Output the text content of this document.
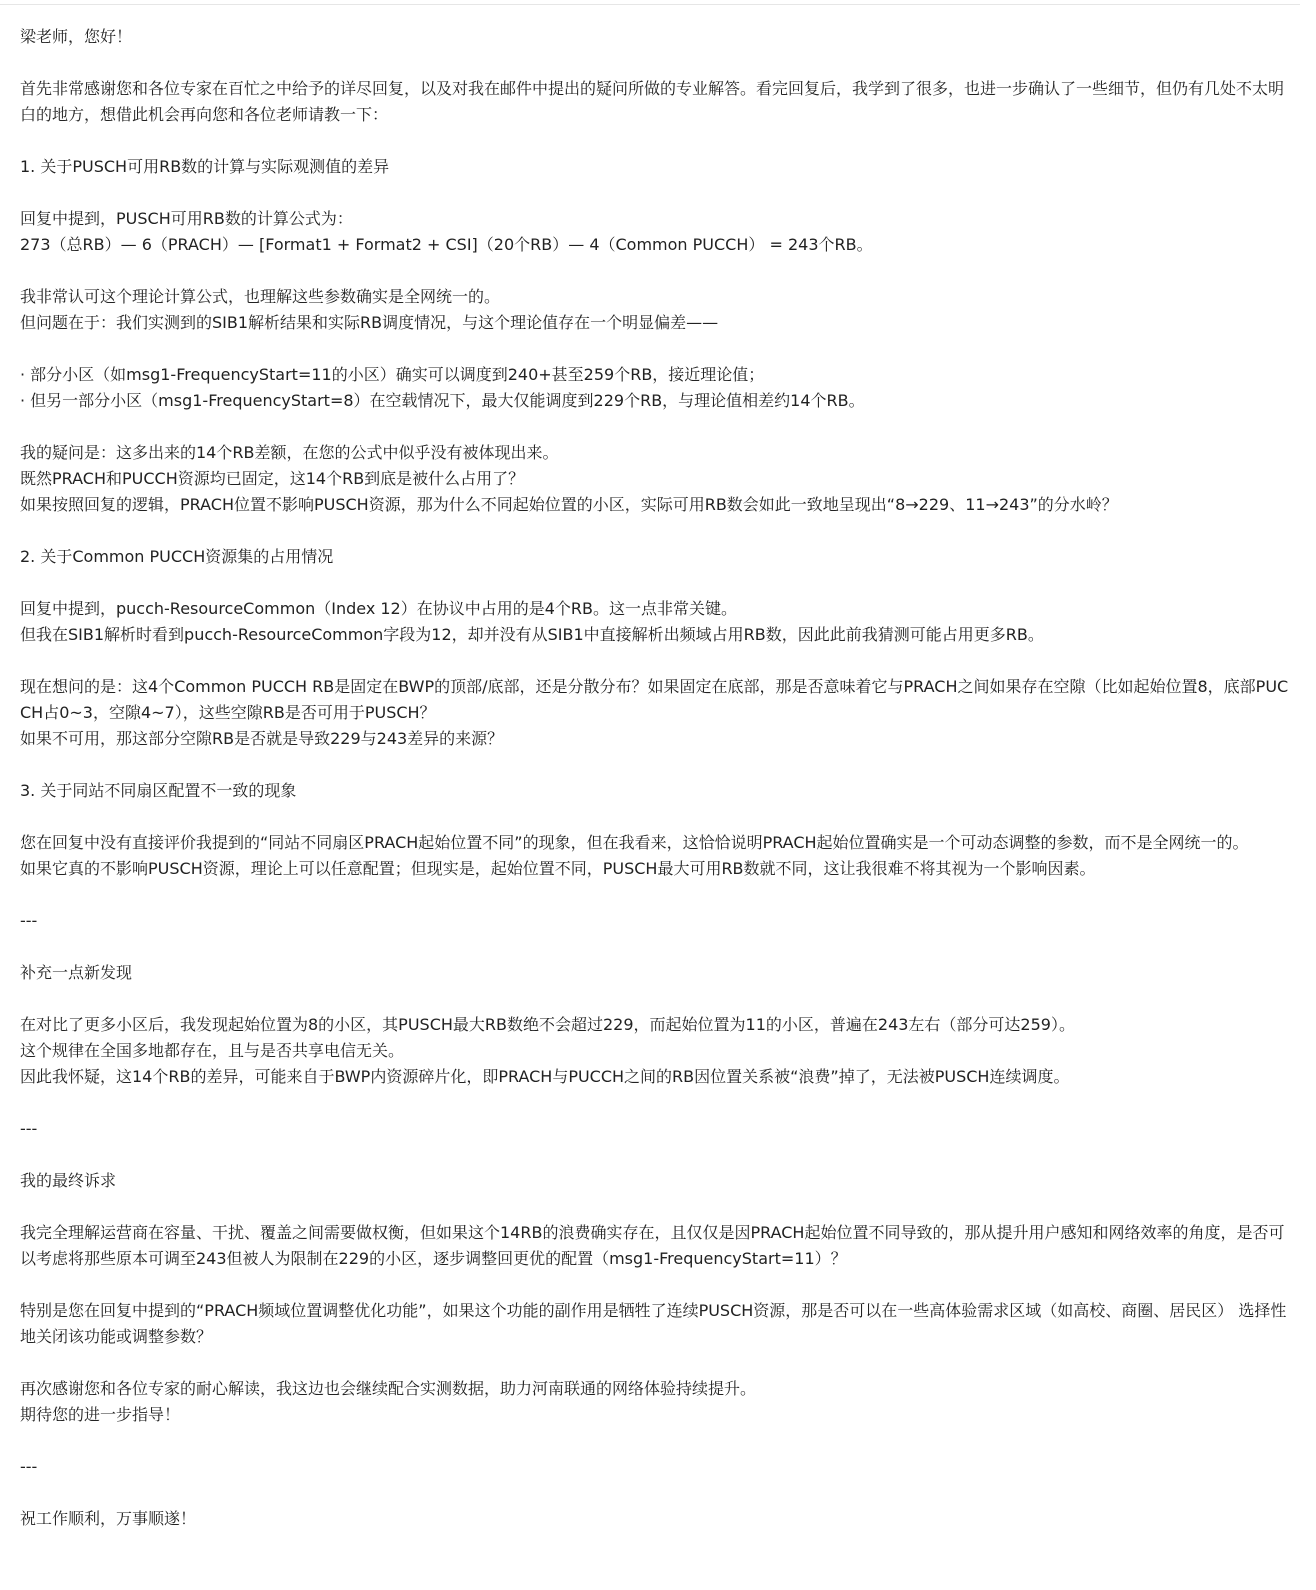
梁老师，您好！
首先非常感谢您和各位专家在百忙之中给予的详尽回复，以及对我在邮件中提出的疑问所做的专业解答。看完回复后，我学到了很多，也进一步确认了一些细节，但仍有几处不太明白的地方，想借此机会再向您和各位老师请教一下：
1. 关于PUSCH可用RB数的计算与实际观测值的差异
回复中提到，PUSCH可用RB数的计算公式为：
273（总RB）— 6（PRACH）— [Format1 + Format2 + CSI]（20个RB）— 4（Common PUCCH） = 243个RB。
我非常认可这个理论计算公式，也理解这些参数确实是全网统一的。
但问题在于：我们实测到的SIB1解析结果和实际RB调度情况，与这个理论值存在一个明显偏差——
· 部分小区（如msg1-FrequencyStart=11的小区）确实可以调度到240+甚至259个RB，接近理论值；
· 但另一部分小区（msg1-FrequencyStart=8）在空载情况下，最大仅能调度到229个RB，与理论值相差约14个RB。
我的疑问是：这多出来的14个RB差额，在您的公式中似乎没有被体现出来。
既然PRACH和PUCCH资源均已固定，这14个RB到底是被什么占用了？
如果按照回复的逻辑，PRACH位置不影响PUSCH资源，那为什么不同起始位置的小区，实际可用RB数会如此一致地呈现出“8→229、11→243”的分水岭？
2. 关于Common PUCCH资源集的占用情况
回复中提到，pucch-ResourceCommon（Index 12）在协议中占用的是4个RB。这一点非常关键。
但我在SIB1解析时看到pucch-ResourceCommon字段为12，却并没有从SIB1中直接解析出频域占用RB数，因此此前我猜测可能占用更多RB。
现在想问的是：这4个Common PUCCH RB是固定在BWP的顶部/底部，还是分散分布？如果固定在底部，那是否意味着它与PRACH之间如果存在空隙（比如起始位置8，底部PUCCH占0~3，空隙4~7），这些空隙RB是否可用于PUSCH？
如果不可用，那这部分空隙RB是否就是导致229与243差异的来源？
3. 关于同站不同扇区配置不一致的现象
您在回复中没有直接评价我提到的“同站不同扇区PRACH起始位置不同”的现象，但在我看来，这恰恰说明PRACH起始位置确实是一个可动态调整的参数，而不是全网统一的。
如果它真的不影响PUSCH资源，理论上可以任意配置；但现实是，起始位置不同，PUSCH最大可用RB数就不同，这让我很难不将其视为一个影响因素。
---
补充一点新发现
在对比了更多小区后，我发现起始位置为8的小区，其PUSCH最大RB数绝不会超过229，而起始位置为11的小区，普遍在243左右（部分可达259）。
这个规律在全国多地都存在，且与是否共享电信无关。
因此我怀疑，这14个RB的差异，可能来自于BWP内资源碎片化，即PRACH与PUCCH之间的RB因位置关系被“浪费”掉了，无法被PUSCH连续调度。
---
我的最终诉求
我完全理解运营商在容量、干扰、覆盖之间需要做权衡，但如果这个14RB的浪费确实存在，且仅仅是因PRACH起始位置不同导致的，那从提升用户感知和网络效率的角度，是否可以考虑将那些原本可调至243但被人为限制在229的小区，逐步调整回更优的配置（msg1-FrequencyStart=11）？
特别是您在回复中提到的“PRACH频域位置调整优化功能”，如果这个功能的副作用是牺牲了连续PUSCH资源，那是否可以在一些高体验需求区域（如高校、商圈、居民区） 选择性地关闭该功能或调整参数？
再次感谢您和各位专家的耐心解读，我这边也会继续配合实测数据，助力河南联通的网络体验持续提升。
期待您的进一步指导！
---
祝工作顺利，万事顺遂！
